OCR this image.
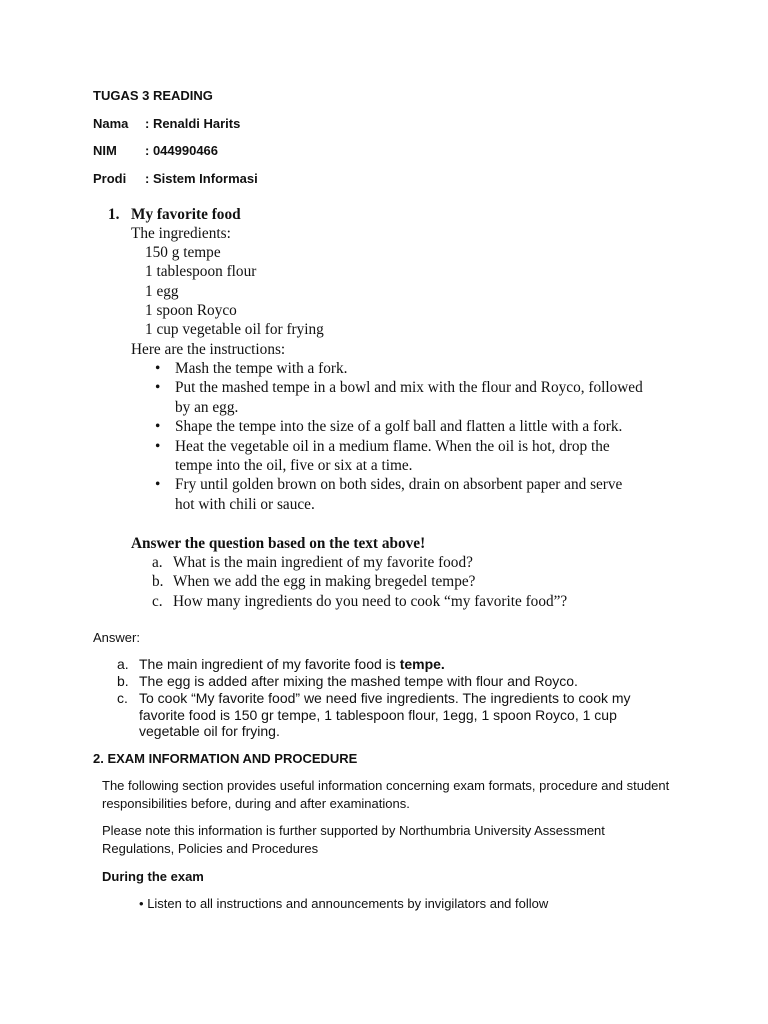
TUGAS 3 READING
Nama : Renaldi Harits
NIM : 044990466
Prodi : Sistem Informasi
1. My favorite food
The ingredients:
150 g tempe
1 tablespoon flour
1 egg
1 spoon Royco
1 cup vegetable oil for frying
Here are the instructions:
• Mash the tempe with a fork.
• Put the mashed tempe in a bowl and mix with the flour and Royco, followed by an egg.
• Shape the tempe into the size of a golf ball and flatten a little with a fork.
• Heat the vegetable oil in a medium flame. When the oil is hot, drop the tempe into the oil, five or six at a time.
• Fry until golden brown on both sides, drain on absorbent paper and serve hot with chili or sauce.
Answer the question based on the text above!
a. What is the main ingredient of my favorite food?
b. When we add the egg in making bregedel tempe?
c. How many ingredients do you need to cook “my favorite food”?
Answer:
a. The main ingredient of my favorite food is tempe.
b. The egg is added after mixing the mashed tempe with flour and Royco.
c. To cook “My favorite food” we need five ingredients. The ingredients to cook my favorite food is 150 gr tempe, 1 tablespoon flour, 1egg, 1 spoon Royco, 1 cup vegetable oil for frying.
2. EXAM INFORMATION AND PROCEDURE

The following section provides useful information concerning exam formats, procedure and student responsibilities before, during and after examinations.

Please note this information is further supported by Northumbria University Assessment Regulations, Policies and Procedures

During the exam

• Listen to all instructions and announcements by invigilators and follow
